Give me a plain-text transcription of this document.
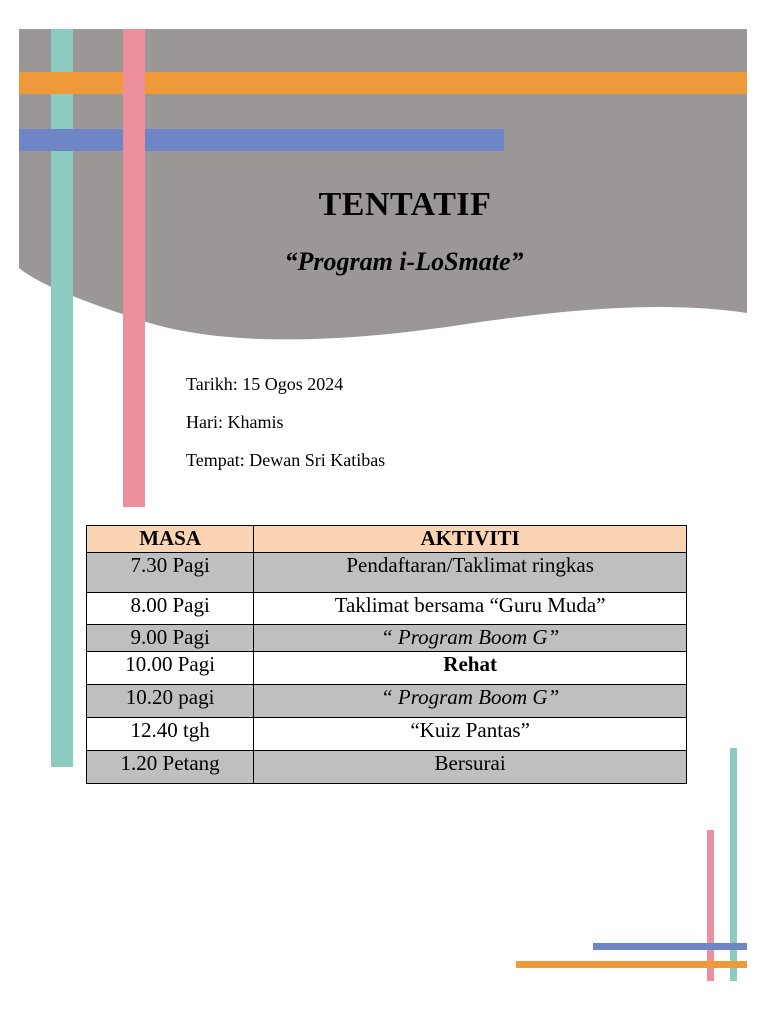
TENTATIF
“Program i-LoSmate”
Tarikh: 15 Ogos 2024
Hari: Khamis
Tempat: Dewan Sri Katibas
MASA	AKTIVITI
7.30 Pagi	Pendaftaran/Taklimat ringkas
8.00 Pagi	Taklimat bersama “Guru Muda”
9.00 Pagi	“ Program Boom G”
10.00 Pagi	Rehat
10.20 pagi	“ Program Boom G”
12.40 tgh	“Kuiz Pantas”
1.20 Petang	Bersurai
